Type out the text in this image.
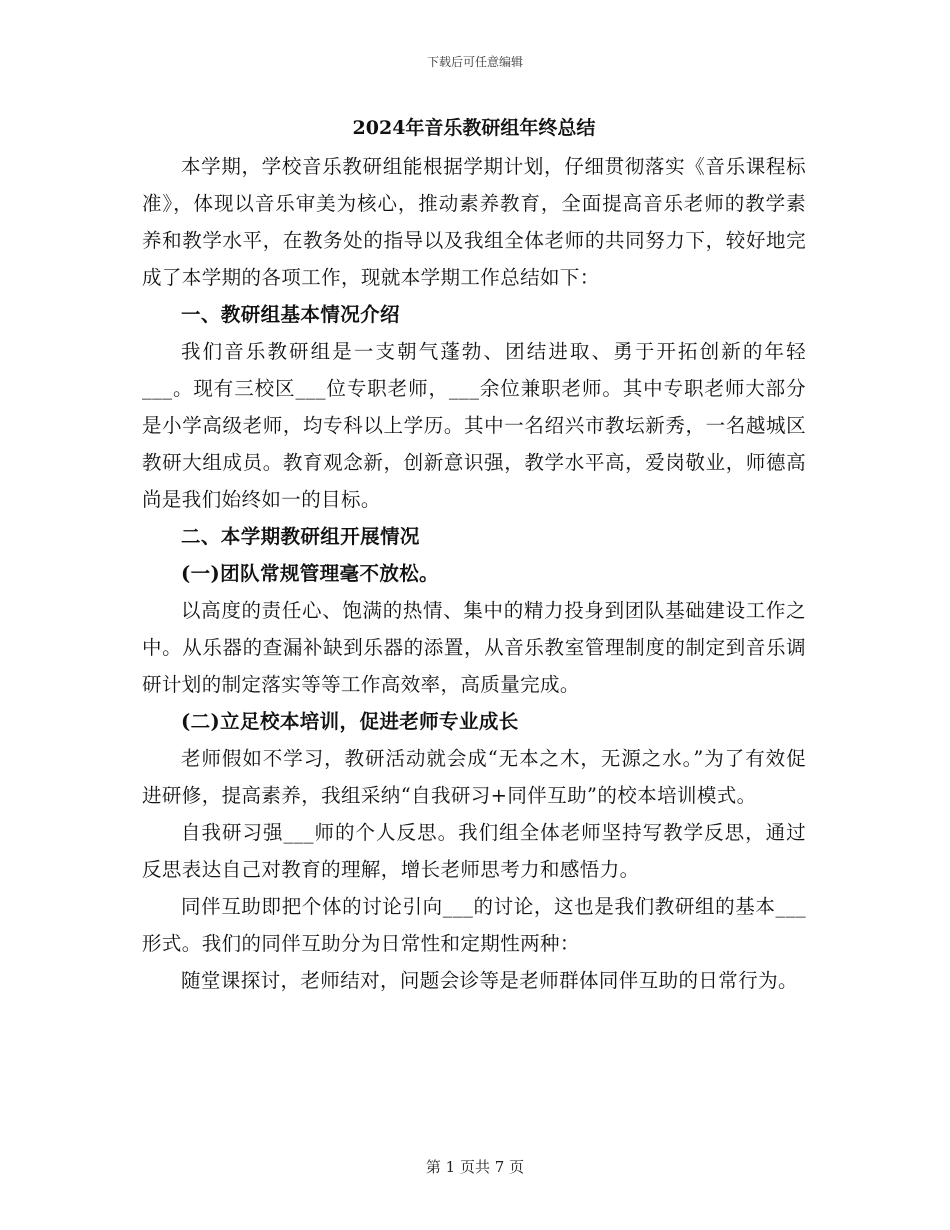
下载后可任意编辑
2024年音乐教研组年终总结

本学期，学校音乐教研组能根据学期计划，仔细贯彻落实《音乐课程标准》，体现以音乐审美为核心，推动素养教育，全面提高音乐老师的教学素养和教学水平，在教务处的指导以及我组全体老师的共同努力下，较好地完成了本学期的各项工作，现就本学期工作总结如下：

一、教研组基本情况介绍

我们音乐教研组是一支朝气蓬勃、团结进取、勇于开拓创新的年轻___。现有三校区___位专职老师，___余位兼职老师。其中专职老师大部分是小学高级老师，均专科以上学历。其中一名绍兴市教坛新秀，一名越城区教研大组成员。教育观念新，创新意识强，教学水平高，爱岗敬业，师德高尚是我们始终如一的目标。

二、本学期教研组开展情况

(一)团队常规管理毫不放松。

以高度的责任心、饱满的热情、集中的精力投身到团队基础建设工作之中。从乐器的查漏补缺到乐器的添置，从音乐教室管理制度的制定到音乐调研计划的制定落实等等工作高效率，高质量完成。

(二)立足校本培训，促进老师专业成长

老师假如不学习，教研活动就会成“无本之木，无源之水。”为了有效促进研修，提高素养，我组采纳“自我研习+同伴互助”的校本培训模式。

自我研习强___师的个人反思。我们组全体老师坚持写教学反思，通过反思表达自己对教育的理解，增长老师思考力和感悟力。

同伴互助即把个体的讨论引向___的讨论，这也是我们教研组的基本___形式。我们的同伴互助分为日常性和定期性两种：

随堂课探讨，老师结对，问题会诊等是老师群体同伴互助的日常行为。

第 1 页共 7 页
